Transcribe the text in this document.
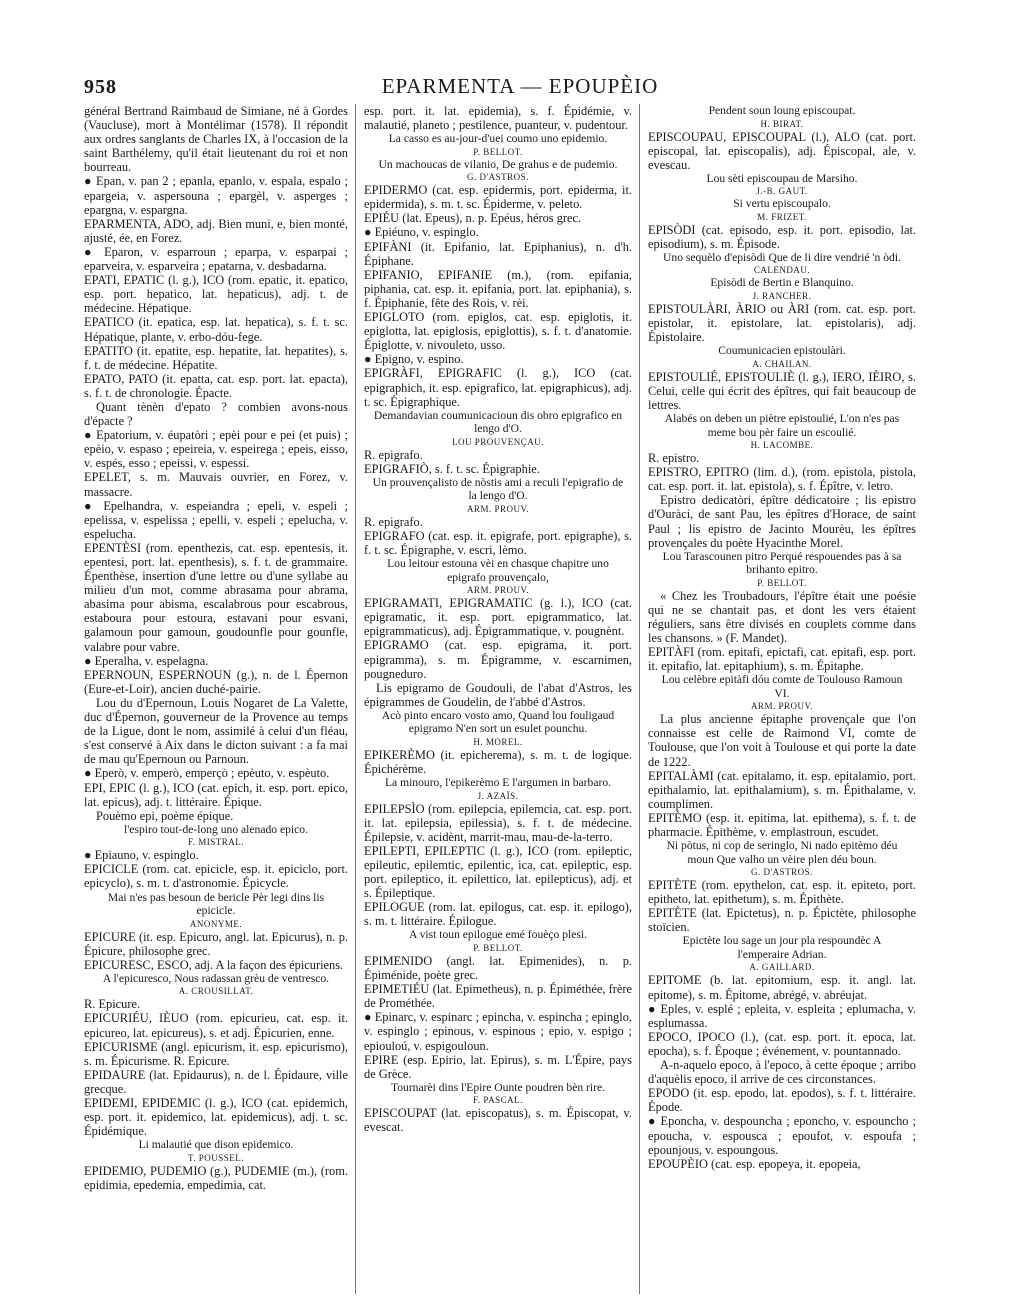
958	EPARMENTA — EPOUPÈIO

général Bertrand Raimbaud de Simiane, né à Gordes (Vaucluse), mort à Montélimar (1578). Il répondit aux ordres sanglants de Charles IX, à l'occasion de la saint Barthélemy, qu'il était lieutenant du roi et non bourreau.

● Epan, v. pan 2 ; epanla, epanlo, v. espala, espalo ; epargeia, v. aspersouna ; epargèl, v. asperges ; epargna, v. espargna.

EPARMENTA, ADO, adj. Bien muni, e, bien monté, ajusté, ée, en Forez.

● Eparon, v. esparroun ; eparpa, v. esparpai ; eparveira, v. esparveira ; epatarna, v. desbadarna.

EPATI, EPATIC (l. g.), ICO (rom. epatic, it. epatico, esp. port. hepatico, lat. hepaticus), adj. t. de médecine. Hépatique.

EPATICO (it. epatica, esp. lat. hepatica), s. f. t. sc. Hépatique, plante, v. erbo-dóu-fege.

EPATITO (it. epatite, esp. hepatite, lat. hepatites), s. f. t. de médecine. Hépatite.

EPATO, PATO (it. epatta, cat. esp. port. lat. epacta), s. f. t. de chronologie. Épacte.

Quant tènèn d'epato ? combien avons-nous d'épacte ?

● Epatorium, v. éupatòri ; epèi pour e pei (et puis) ; epèio, v. espaso ; epeireia, v. espeirega ; epeis, eisso, v. espés, esso ; epeissi, v. espessi.

EPELET, s. m. Mauvais ouvrier, en Forez, v. massacre.

● Epelhandra, v. espeiandra ; epeli, v. espeli ; epelissa, v. espelissa ; epelli, v. espeli ; epelucha, v. espelucha.

EPENTÈSI (rom. epenthezis, cat. esp. epentesis, it. epentesi, port. lat. epenthesis), s. f. t. de grammaire. Épenthèse, insertion d'une lettre ou d'une syllabe au milieu d'un mot, comme abrasama pour abrama, abasima pour abisma, escalabrous pour escabrous, estaboura pour estoura, estavani pour esvani, galamoun pour gamoun, goudounfle pour gounfle, valabre pour vabre.

● Eperalha, v. espelagna.

EPERNOUN, ESPERNOUN (g.), n. de l. Épernon (Eure-et-Loir), ancien duché-pairie.

Lou du d'Epernoun, Louis Nogaret de La Valette, duc d'Épernon, gouverneur de la Provence au temps de la Ligue, dont le nom, assimilé à celui d'un fléau, s'est conservé à Aix dans le dicton suivant : a fa mai de mau qu'Epernoun ou Parnoun.

● Eperò, v. emperò, emperçò ; epèuto, v. espèuto.

EPI, EPIC (l. g.), ICO (cat. epich, it. esp. port. epico, lat. epicus), adj. t. littéraire. Épique.

Pouèmo epi, poème épique.

l'espiro tout-de-long uno alenado epico.

F. MISTRAL.

● Epiauno, v. espinglo.

EPICICLE (rom. cat. epicicle, esp. it. epiciclo, port. epicyclo), s. m. t. d'astronomie. Épicycle.

Mai n'es pas besoun de bericle Pèr legi dins lis epicicle.

ANONYME.

EPICURE (it. esp. Epicuro, angl. lat. Epicurus), n. p. Épicure, philosophe grec.

EPICURESC, ESCO, adj. A la façon des épicuriens.

A l'epicuresco, Nous radassan grèu de ventresco.

A. CROUSILLAT.

R. Epicure.

EPICURIÉU, IÈUO (rom. epicurieu, cat. esp. it. epicureo, lat. epicureus), s. et adj. Épicurien, enne.

EPICURISME (angl. epicurism, it. esp. epicurismo), s. m. Épicurisme. R. Epicure.

EPIDAURE (lat. Epidaurus), n. de l. Épidaure, ville grecque.

EPIDEMI, EPIDEMIC (l. g.), ICO (cat. epidemich, esp. port. it. epidemico, lat. epidemicus), adj. t. sc. Épidémique.

Li malautié que dison epidemico.

T. POUSSEL.

EPIDEMIO, PUDEMIO (g.), PUDEMIE (m.), (rom. epidimia, epedemia, empedimia, cat.

esp. port. it. lat. epidemia), s. f. Épidémie, v. malautié, planeto ; pestilence, puanteur, v. pudentour.

La casso es au-jour-d'uei coumo uno epidemio.

P. BELLOT.

Un machoucas de vilanio, De grahus e de pudemio.

G. D'ASTROS.

EPIDERMO (cat. esp. epidermis, port. epiderma, it. epidermida), s. m. t. sc. Épiderme, v. peleto.

EPIÉU (lat. Epeus), n. p. Epéus, héros grec.

● Epiéuno, v. espinglo.

EPIFÀNI (it. Epifanio, lat. Epiphanius), n. d'h. Épiphane.

EPIFANIO, EPIFANIE (m.), (rom. epifania, piphania, cat. esp. it. epifania, port. lat. epiphania), s. f. Épiphanie, fête des Rois, v. rèi.

EPIGLOTO (rom. epiglos, cat. esp. epiglotis, it. epiglotta, lat. epiglosis, epiglottis), s. f. t. d'anatomie. Épiglotte, v. nivouleto, usso.

● Epigno, v. espino.

EPIGRÀFI, EPIGRAFIC (l. g.), ICO (cat. epigraphich, it. esp. epigrafico, lat. epigraphicus), adj. t. sc. Épigraphique.

Demandavian coumunicacioun dis obro epigrafico en lengo d'O.

LOU PROUVENÇAU.

R. epigrafo.

EPIGRAFIÒ, s. f. t. sc. Épigraphie.

Un prouvençalisto de nòstis ami a reculi l'epigrafio de la lengo d'O.

ARM. PROUV.

R. epigrafo.

EPIGRAFO (cat. esp. it. epigrafe, port. epigraphe), s. f. t. sc. Épigraphe, v. escri, lèmo.

Lou leitour estouna vèi en chasque chapitre uno epigrafo prouvençalo,

ARM. PROUV.

EPIGRAMATI, EPIGRAMATIC (g. l.), ICO (cat. epigramatic, it. esp. port. epigrammatico, lat. epigrammaticus), adj. Épigrammatique, v. pougnènt.

EPIGRAMO (cat. esp. epigrama, it. port. epigramma), s. m. Épigramme, v. escarnimen, pougneduro.

Lis epigramo de Goudouli, de l'abat d'Astros, les épigrammes de Goudelin, de l'abbé d'Astros.

Acò pinto encaro vosto amo, Quand lou fouligaud epigramo N'en sort un esulet pounchu.

H. MOREL.

EPIKERÈMO (it. epicherema), s. m. t. de logique. Épichérème.

La minouro, l'epikerèmo E l'argumen in barbaro.

J. AZAÏS.

EPILEPSÌO (rom. epilepcia, epilemcia, cat. esp. port. it. lat. epilepsia, epilessia), s. f. t. de médecine. Épilepsie, v. acidènt, marrit-mau, mau-de-la-terro.

EPILEPTI, EPILEPTIC (l. g.), ICO (rom. epileptic, epileutic, epilemtic, epilentic, ica, cat. epileptic, esp. port. epileptico, it. epilettico, lat. epilepticus), adj. et s. Épileptique.

EPILOGUE (rom. lat. epilogus, cat. esp. it. epilogo), s. m. t. littéraire. Épilogue.

A vist toun epilogue emé fouèço plesi.

P. BELLOT.

EPIMENIDO (angl. lat. Epimenides), n. p. Épiménide, poète grec.

EPIMETIÉU (lat. Epimetheus), n. p. Épiméthée, frère de Prométhée.

● Epinarc, v. espinarc ; epincha, v. espincha ; epinglo, v. espinglo ; epinous, v. espinous ; epio, v. espigo ; epiouloú, v. espigouloun.

EPIRE (esp. Epirio, lat. Epirus), s. m. L'Épire, pays de Grèce.

Tournarèi dins l'Epire Ounte poudren bèn rire.

F. PASCAL.

EPISCOUPAT (lat. episcopatus), s. m. Épiscopat, v. evescat.

Pendent soun loung episcoupat.

H. BIRAT.

EPISCOUPAU, EPISCOUPAL (l.), ALO (cat. port. episcopal, lat. episcopalis), adj. Épiscopal, ale, v. evescau.

Lou sèti episcoupau de Marsiho.

J.-B. GAUT.

Si vertu episcoupalo.

M. FRIZET.

EPISÒDI (cat. episodo, esp. it. port. episodio, lat. episodium), s. m. Épisode.

Uno sequèlo d'episòdi Que de li dire vendrié 'n òdi.

CALENDAU.

Episòdi de Bertin e Blanquino.

J. RANCHER.

EPISTOULÀRI, ÀRIO ou ÀRI (rom. cat. esp. port. epistolar, it. epistolare, lat. epistolaris), adj. Épistolaire.

Coumunicacien epistoulàri.

A. CHAILAN.

EPISTOULIÉ, EPISTOULIÈ (l. g.), IERO, IÈIRO, s. Celui, celle qui écrit des épîtres, qui fait beaucoup de lettres.

Alabés on deben un piètre epistoulié, L'on n'es pas meme bou pèr faire un escoulié.

H. LACOMBE.

R. epistro.

EPISTRO, EPITRO (lim. d.), (rom. epistola, pistola, cat. esp. port. it. lat. epistola), s. f. Épître, v. letro.

Epistro dedicatòri, épître dédicatoire ; lis epistro d'Ouràci, de sant Pau, les épîtres d'Horace, de saint Paul ; lis epistro de Jacinto Mourèu, les épîtres provençales du poète Hyacinthe Morel.

Lou Tarascounen pitro Perqué respouendes pas à sa brihanto epitro.

P. BELLOT.

« Chez les Troubadours, l'épître était une poésie qui ne se chantait pas, et dont les vers étaient réguliers, sans être divisés en couplets comme dans les chansons. » (F. Mandet).

EPITÀFI (rom. epitafi, epictafi, cat. epitafi, esp. port. it. epitafio, lat. epitaphium), s. m. Épitaphe.

Lou celèbre epitàfi dóu comte de Toulouso Ramoun VI.

ARM. PROUV.

La plus ancienne épitaphe provençale que l'on connaisse est celle de Raimond VI, comte de Toulouse, que l'on voit à Toulouse et qui porte la date de 1222.

EPITALÀMI (cat. epitalamo, it. esp. epitalamio, port. epithalamio, lat. epithalamium), s. m. Épithalame, v. coumplimen.

EPITÈMO (esp. it. epitima, lat. epithema), s. f. t. de pharmacie. Épithème, v. emplastroun, escudet.

Ni pòtus, ni cop de seringlo, Ni nado epitèmo déu moun Que valho un vèire plen déu boun.

G. D'ASTROS.

EPITÈTE (rom. epythelon, cat. esp. it. epiteto, port. epitheto, lat. epithetum), s. m. Épithète.

EPITÈTE (lat. Epictetus), n. p. Épictète, philosophe stoïcien.

Epictète lou sage un jour pla respoundèc A l'emperaire Adrian.

A. GAILLARD.

EPITOME (b. lat. epitomium, esp. it. angl. lat. epitome), s. m. Épitome, abrégé, v. abréujat.

● Eples, v. esplé ; epleita, v. espleita ; eplumacha, v. esplumassa.

EPOCO, IPOCO (l.), (cat. esp. port. it. epoca, lat. epocha), s. f. Époque ; événement, v. pountannado.

A-n-aquelo epoco, à l'epoco, à cette époque ; arribo d'aquèlis epoco, il arrive de ces circonstances.

EPODO (it. esp. epodo, lat. epodos), s. f. t. littéraire. Épode.

● Eponcha, v. despouncha ; eponcho, v. espouncho ; epoucha, v. espousca ; epoufot, v. espoufa ; epounjous, v. espoungous.

EPOUPÈIO (cat. esp. epopeya, it. epopeia,
